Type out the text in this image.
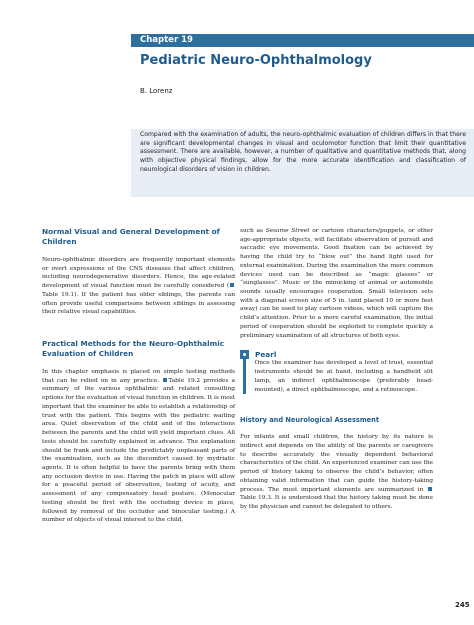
Chapter 19
Pediatric Neuro-Ophthalmology
B. Lorenz

Compared with the examination of adults, the neuro-ophthalmic evaluation of children differs in that there are significant developmental changes in visual and oculomotor function that limit their quantitative assessment. There are available, however, a number of qualitative and quantitative methods that, along with objective physical findings, allow for the more accurate identification and classification of neurological disorders of vision in children.

Normal Visual and General Development of Children

Neuro-ophthalmic disorders are frequently important elements or overt expressions of the CNS diseases that affect children, including neurodegenerative disorders. Hence, the age-related development of visual function must be carefully considered (Table 19.1). If the patient has older siblings, the parents can often provide useful comparisons between siblings in assessing their relative visual capabilities.

Practical Methods for the Neuro-Ophthalmic Evaluation of Children

In this chapter emphasis is placed on simple testing methods that can be relied on in any practice. Table 19.2 provides a summary of the various ophthalmic and related consulting options for the evaluation of visual function in children. It is most important that the examiner be able to establish a relationship of trust with the patient. This begins with the pediatric waiting area. Quiet observation of the child and of the interactions between the parents and the child will yield important clues. All tests should be carefully explained in advance. The explanation should be frank and include the predictably unpleasant parts of the examination, such as the discomfort caused by mydriatic agents. It is often helpful to have the parents bring with them any occlusion device in use. Having the patch in place will allow for a peaceful period of observation, testing of acuity, and assessment of any compensatory head posture. (Monocular testing should be first with the occluding device in place, followed by removal of the occluder and binocular testing.) A number of objects of visual interest to the child,

such as Sesame Street or cartoon characters/puppets, or other age-appropriate objects, will facilitate observation of pursuit and saccadic eye movements. Good fixation can be achieved by having the child try to “blow out” the hand light used for external examination. During the examination the more common devices used can be described as “magic glasses” or “sunglasses”. Music or the mimicking of animal or automobile sounds usually encourages cooperation. Small television sets with a diagonal screen size of 5 in. (and placed 10 or more feet away) can be used to play cartoon videos, which will capture the child’s attention. Prior to a more careful examination, the initial period of cooperation should be exploited to complete quickly a preliminary examination of all structures of both eyes.

Pearl

Once the examiner has developed a level of trust, essential instruments should be at hand, including a handheld slit lamp, an indirect ophthalmoscope (preferably head-mounted), a direct ophthalmoscope, and a retinoscope.

History and Neurological Assessment

For infants and small children, the history by its nature is indirect and depends on the ability of the parents or caregivers to describe accurately the visually dependent behavioral characteristics of the child. An experienced examiner can use the period of history taking to observe the child’s behavior, often obtaining valid information that can guide the history-taking process. The most important elements are summarized in Table 19.3. It is understood that the history taking must be done by the physician and cannot be delegated to others.

245
